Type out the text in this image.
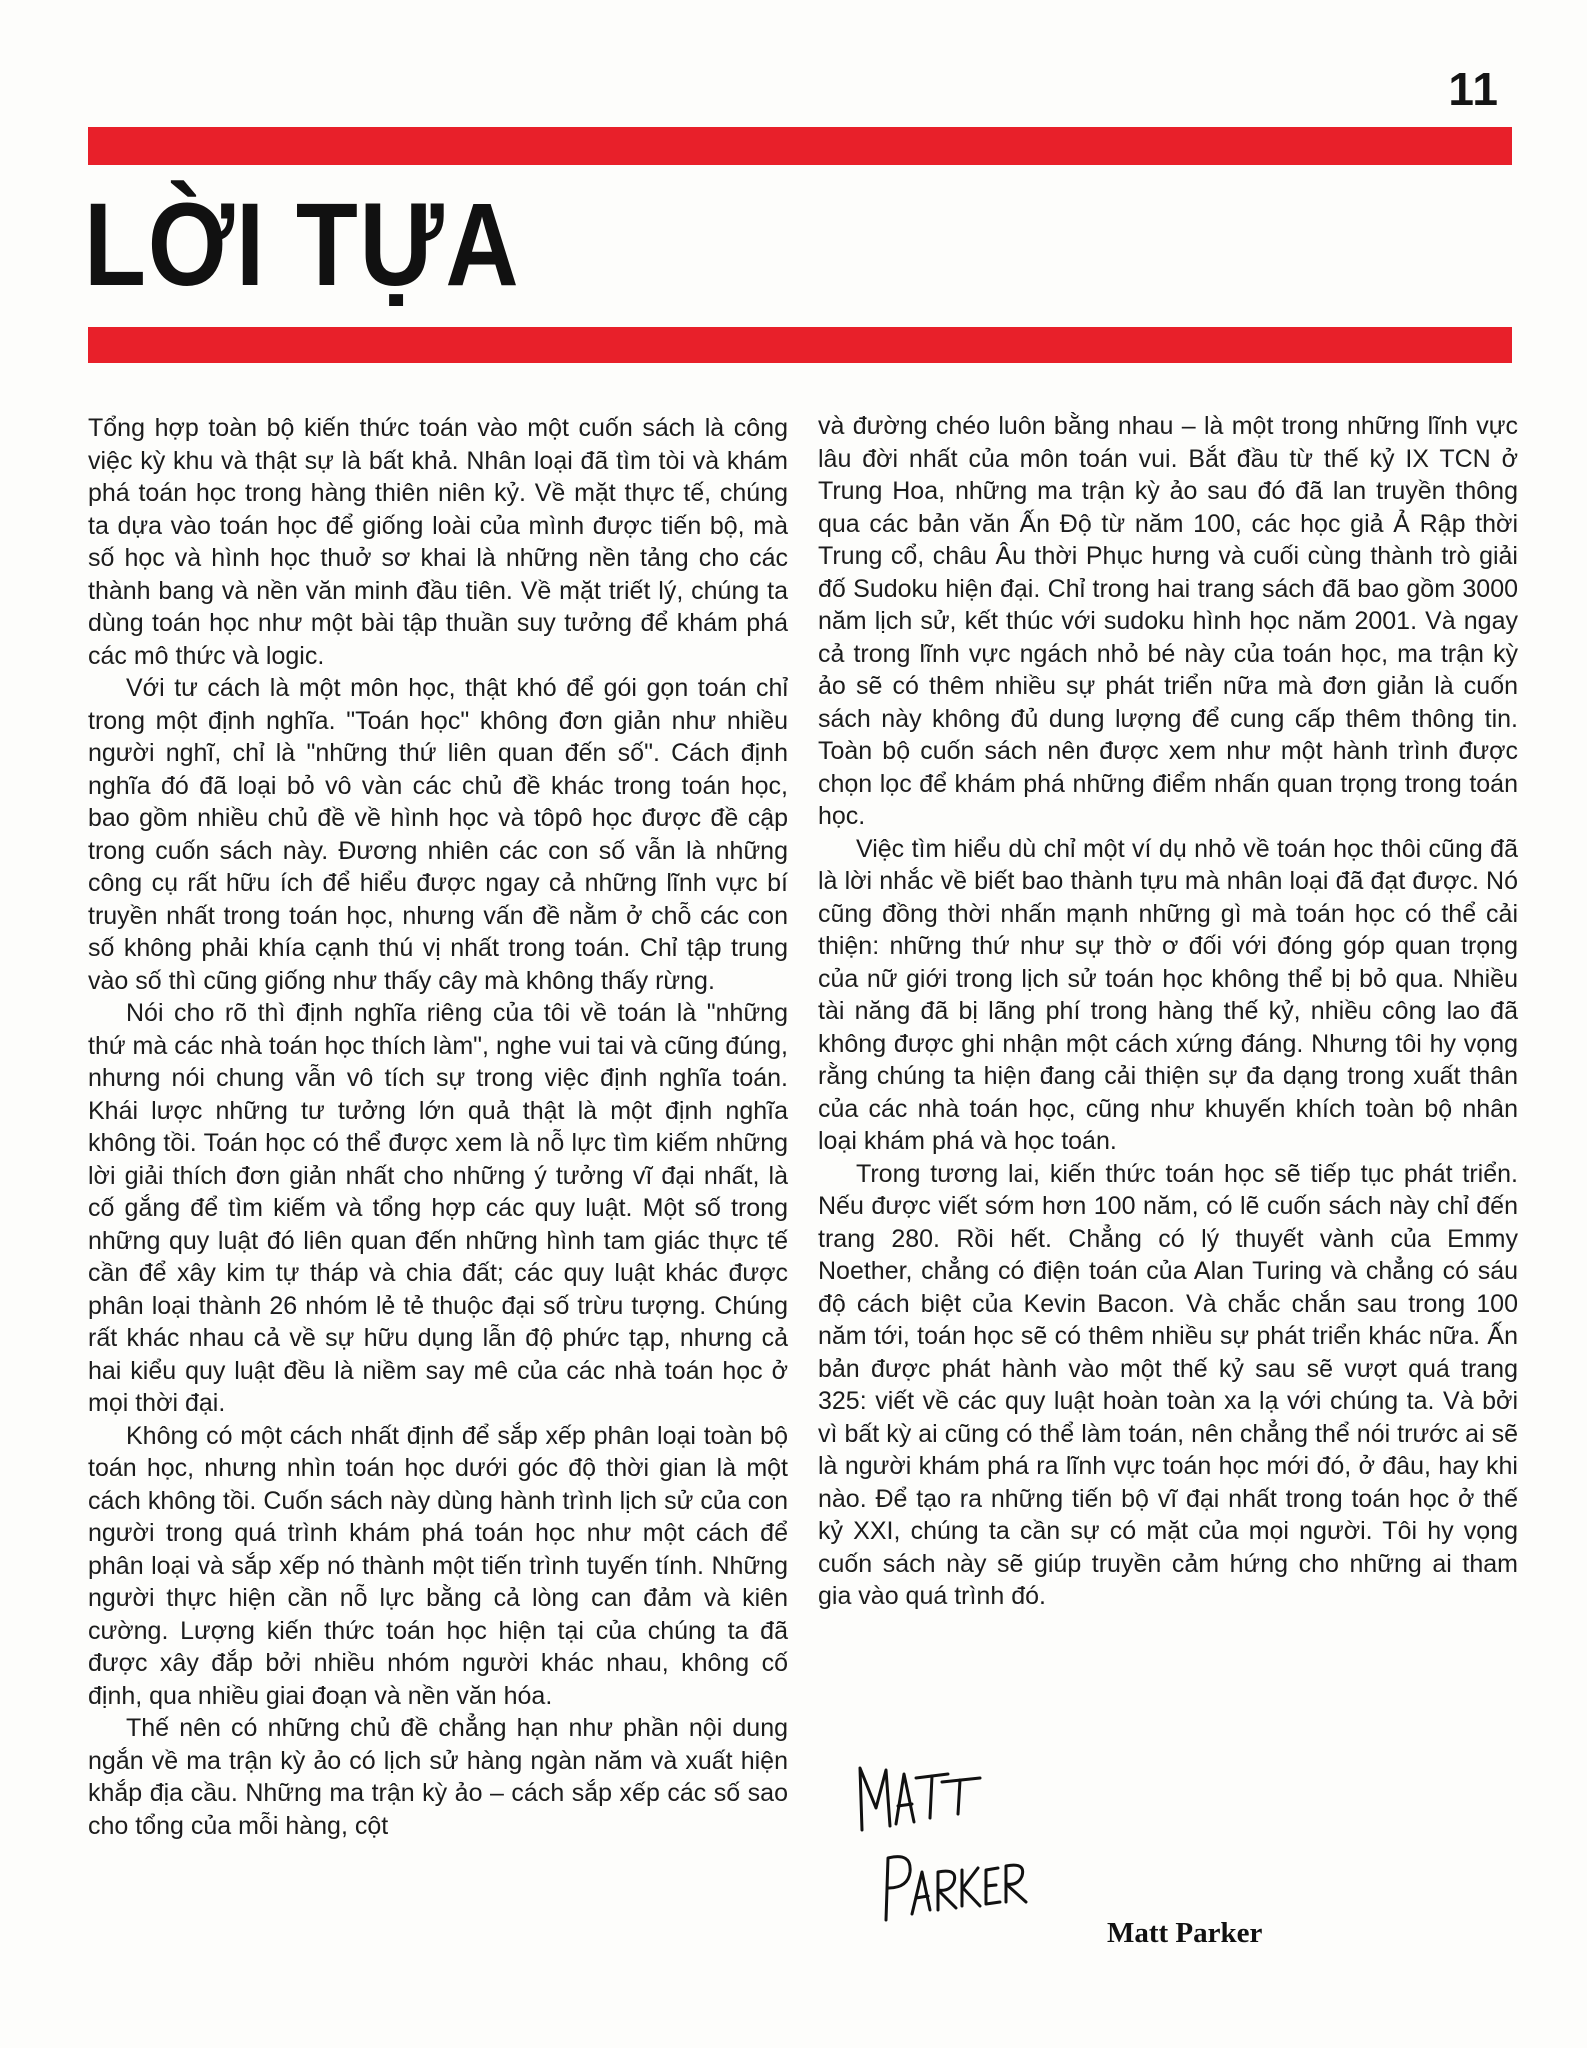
11
LỜI TỰA

Tổng hợp toàn bộ kiến thức toán vào một cuốn sách là công việc kỳ khu và thật sự là bất khả. Nhân loại đã tìm tòi và khám phá toán học trong hàng thiên niên kỷ. Về mặt thực tế, chúng ta dựa vào toán học để giống loài của mình được tiến bộ, mà số học và hình học thuở sơ khai là những nền tảng cho các thành bang và nền văn minh đầu tiên. Về mặt triết lý, chúng ta dùng toán học như một bài tập thuần suy tưởng để khám phá các mô thức và logic.

Với tư cách là một môn học, thật khó để gói gọn toán chỉ trong một định nghĩa. "Toán học" không đơn giản như nhiều người nghĩ, chỉ là "những thứ liên quan đến số". Cách định nghĩa đó đã loại bỏ vô vàn các chủ đề khác trong toán học, bao gồm nhiều chủ đề về hình học và tôpô học được đề cập trong cuốn sách này. Đương nhiên các con số vẫn là những công cụ rất hữu ích để hiểu được ngay cả những lĩnh vực bí truyền nhất trong toán học, nhưng vấn đề nằm ở chỗ các con số không phải khía cạnh thú vị nhất trong toán. Chỉ tập trung vào số thì cũng giống như thấy cây mà không thấy rừng.

Nói cho rõ thì định nghĩa riêng của tôi về toán là "những thứ mà các nhà toán học thích làm", nghe vui tai và cũng đúng, nhưng nói chung vẫn vô tích sự trong việc định nghĩa toán. Khái lược những tư tưởng lớn quả thật là một định nghĩa không tồi. Toán học có thể được xem là nỗ lực tìm kiếm những lời giải thích đơn giản nhất cho những ý tưởng vĩ đại nhất, là cố gắng để tìm kiếm và tổng hợp các quy luật. Một số trong những quy luật đó liên quan đến những hình tam giác thực tế cần để xây kim tự tháp và chia đất; các quy luật khác được phân loại thành 26 nhóm lẻ tẻ thuộc đại số trừu tượng. Chúng rất khác nhau cả về sự hữu dụng lẫn độ phức tạp, nhưng cả hai kiểu quy luật đều là niềm say mê của các nhà toán học ở mọi thời đại.

Không có một cách nhất định để sắp xếp phân loại toàn bộ toán học, nhưng nhìn toán học dưới góc độ thời gian là một cách không tồi. Cuốn sách này dùng hành trình lịch sử của con người trong quá trình khám phá toán học như một cách để phân loại và sắp xếp nó thành một tiến trình tuyến tính. Những người thực hiện cần nỗ lực bằng cả lòng can đảm và kiên cường. Lượng kiến thức toán học hiện tại của chúng ta đã được xây đắp bởi nhiều nhóm người khác nhau, không cố định, qua nhiều giai đoạn và nền văn hóa.

Thế nên có những chủ đề chẳng hạn như phần nội dung ngắn về ma trận kỳ ảo có lịch sử hàng ngàn năm và xuất hiện khắp địa cầu. Những ma trận kỳ ảo – cách sắp xếp các số sao cho tổng của mỗi hàng, cột

và đường chéo luôn bằng nhau – là một trong những lĩnh vực lâu đời nhất của môn toán vui. Bắt đầu từ thế kỷ IX TCN ở Trung Hoa, những ma trận kỳ ảo sau đó đã lan truyền thông qua các bản văn Ấn Độ từ năm 100, các học giả Ả Rập thời Trung cổ, châu Âu thời Phục hưng và cuối cùng thành trò giải đố Sudoku hiện đại. Chỉ trong hai trang sách đã bao gồm 3000 năm lịch sử, kết thúc với sudoku hình học năm 2001. Và ngay cả trong lĩnh vực ngách nhỏ bé này của toán học, ma trận kỳ ảo sẽ có thêm nhiều sự phát triển nữa mà đơn giản là cuốn sách này không đủ dung lượng để cung cấp thêm thông tin. Toàn bộ cuốn sách nên được xem như một hành trình được chọn lọc để khám phá những điểm nhấn quan trọng trong toán học.

Việc tìm hiểu dù chỉ một ví dụ nhỏ về toán học thôi cũng đã là lời nhắc về biết bao thành tựu mà nhân loại đã đạt được. Nó cũng đồng thời nhấn mạnh những gì mà toán học có thể cải thiện: những thứ như sự thờ ơ đối với đóng góp quan trọng của nữ giới trong lịch sử toán học không thể bị bỏ qua. Nhiều tài năng đã bị lãng phí trong hàng thế kỷ, nhiều công lao đã không được ghi nhận một cách xứng đáng. Nhưng tôi hy vọng rằng chúng ta hiện đang cải thiện sự đa dạng trong xuất thân của các nhà toán học, cũng như khuyến khích toàn bộ nhân loại khám phá và học toán.

Trong tương lai, kiến thức toán học sẽ tiếp tục phát triển. Nếu được viết sớm hơn 100 năm, có lẽ cuốn sách này chỉ đến trang 280. Rồi hết. Chẳng có lý thuyết vành của Emmy Noether, chẳng có điện toán của Alan Turing và chẳng có sáu độ cách biệt của Kevin Bacon. Và chắc chắn sau trong 100 năm tới, toán học sẽ có thêm nhiều sự phát triển khác nữa. Ấn bản được phát hành vào một thế kỷ sau sẽ vượt quá trang 325: viết về các quy luật hoàn toàn xa lạ với chúng ta. Và bởi vì bất kỳ ai cũng có thể làm toán, nên chẳng thể nói trước ai sẽ là người khám phá ra lĩnh vực toán học mới đó, ở đâu, hay khi nào. Để tạo ra những tiến bộ vĩ đại nhất trong toán học ở thế kỷ XXI, chúng ta cần sự có mặt của mọi người. Tôi hy vọng cuốn sách này sẽ giúp truyền cảm hứng cho những ai tham gia vào quá trình đó.

Matt Parker
